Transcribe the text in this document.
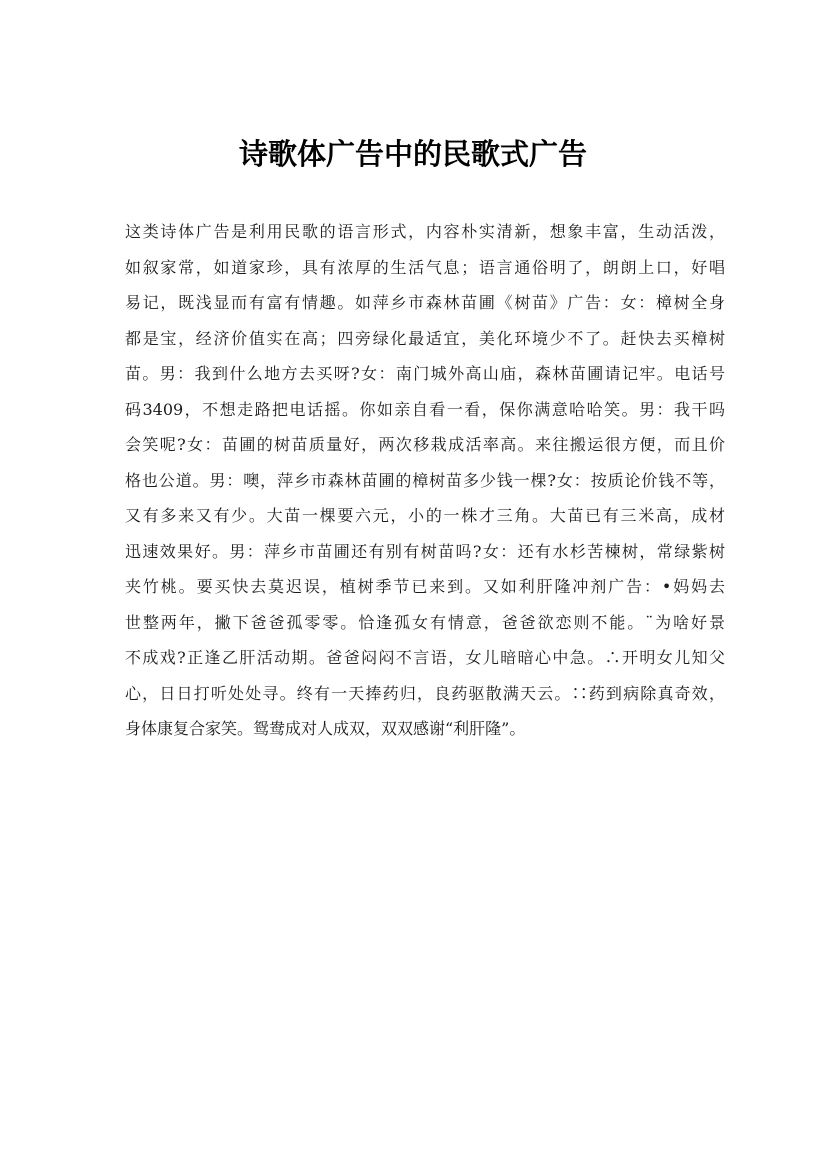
诗歌体广告中的民歌式广告
这类诗体广告是利用民歌的语言形式，内容朴实清新，想象丰富，生动活泼，
如叙家常，如道家珍，具有浓厚的生活气息；语言通俗明了，朗朗上口，好唱
易记，既浅显而有富有情趣。如萍乡市森林苗圃《树苗》广告：女：樟树全身
都是宝，经济价值实在高；四旁绿化最适宜，美化环境少不了。赶快去买樟树
苗。男：我到什么地方去买呀?女：南门城外高山庙，森林苗圃请记牢。电话号
码3409，不想走路把电话摇。你如亲自看一看，保你满意哈哈笑。男：我干吗
会笑呢?女：苗圃的树苗质量好，两次移栽成活率高。来往搬运很方便，而且价
格也公道。男：噢，萍乡市森林苗圃的樟树苗多少钱一棵?女：按质论价钱不等，
又有多来又有少。大苗一棵要六元，小的一株才三角。大苗已有三米高，成材
迅速效果好。男：萍乡市苗圃还有别有树苗吗?女：还有水杉苦楝树，常绿紫树
夹竹桃。要买快去莫迟误，植树季节已来到。又如利肝隆冲剂广告：•妈妈去
世整两年，撇下爸爸孤零零。恰逢孤女有情意，爸爸欲恋则不能。¨为啥好景
不成戏?正逢乙肝活动期。爸爸闷闷不言语，女儿暗暗心中急。∴开明女儿知父
心，日日打听处处寻。终有一天捧药归，良药驱散满天云。∷药到病除真奇效，
身体康复合家笑。鸳鸯成对人成双，双双感谢“利肝隆”。
